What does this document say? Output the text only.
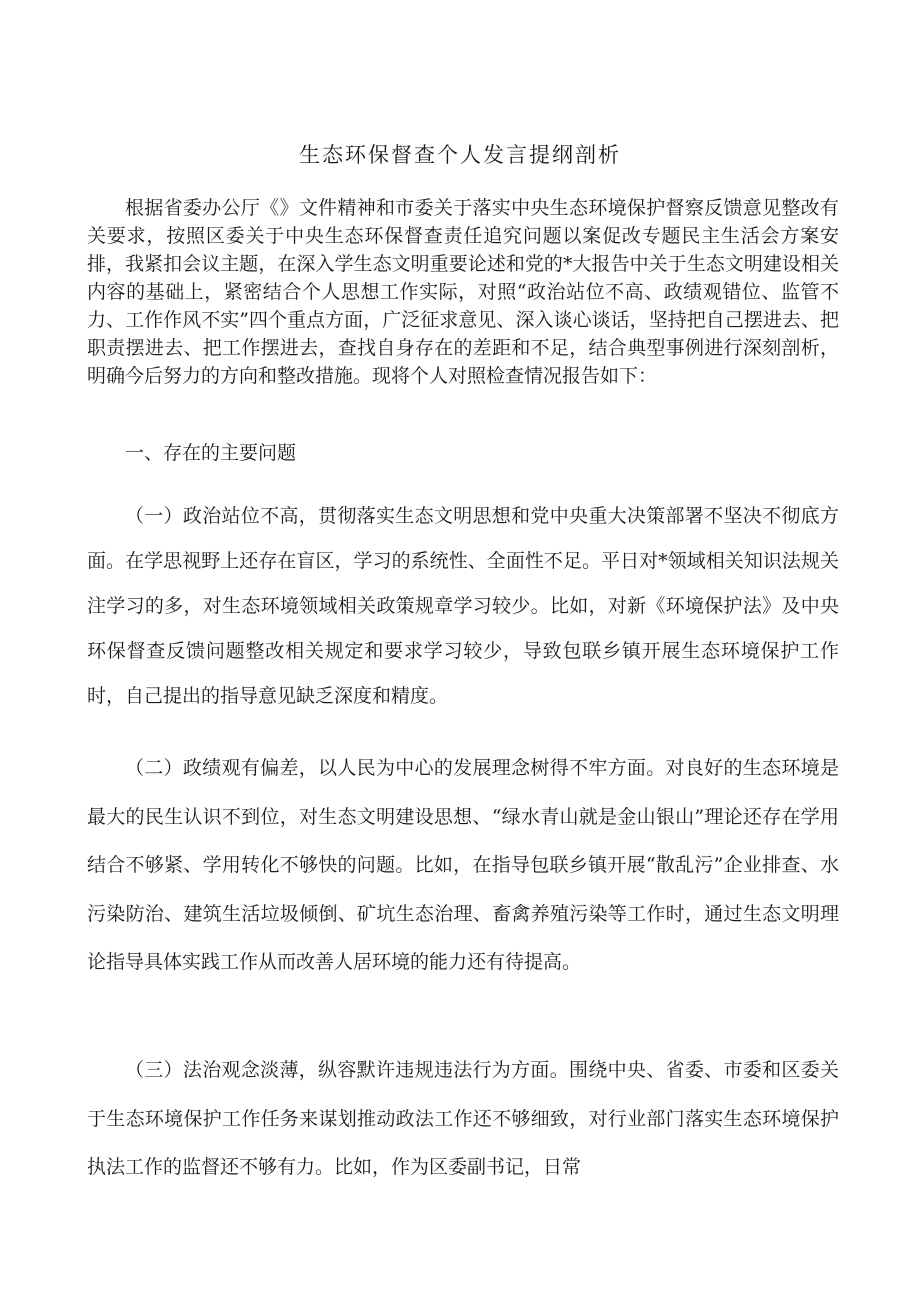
生态环保督查个人发言提纲剖析

根据省委办公厅《》文件精神和市委关于落实中央生态环境保护督察反馈意见整改有关要求，按照区委关于中央生态环保督查责任追究问题以案促改专题民主生活会方案安排，我紧扣会议主题，在深入学生态文明重要论述和党的*大报告中关于生态文明建设相关内容的基础上，紧密结合个人思想工作实际，对照“政治站位不高、政绩观错位、监管不力、工作作风不实”四个重点方面，广泛征求意见、深入谈心谈话，坚持把自己摆进去、把职责摆进去、把工作摆进去，查找自身存在的差距和不足，结合典型事例进行深刻剖析，明确今后努力的方向和整改措施。现将个人对照检查情况报告如下：

一、存在的主要问题

（一）政治站位不高，贯彻落实生态文明思想和党中央重大决策部署不坚决不彻底方面。在学思视野上还存在盲区，学习的系统性、全面性不足。平日对*领域相关知识法规关注学习的多，对生态环境领域相关政策规章学习较少。比如，对新《环境保护法》及中央环保督查反馈问题整改相关规定和要求学习较少，导致包联乡镇开展生态环境保护工作时，自己提出的指导意见缺乏深度和精度。

（二）政绩观有偏差，以人民为中心的发展理念树得不牢方面。对良好的生态环境是最大的民生认识不到位，对生态文明建设思想、“绿水青山就是金山银山”理论还存在学用结合不够紧、学用转化不够快的问题。比如，在指导包联乡镇开展“散乱污”企业排查、水污染防治、建筑生活垃圾倾倒、矿坑生态治理、畜禽养殖污染等工作时，通过生态文明理论指导具体实践工作从而改善人居环境的能力还有待提高。

（三）法治观念淡薄，纵容默许违规违法行为方面。围绕中央、省委、市委和区委关于生态环境保护工作任务来谋划推动政法工作还不够细致，对行业部门落实生态环境保护执法工作的监督还不够有力。比如，作为区委副书记，日常
